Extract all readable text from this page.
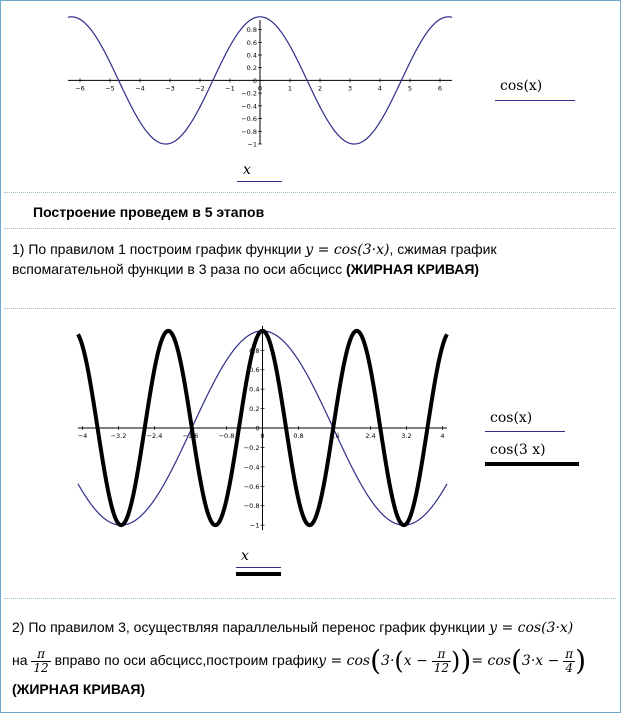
−6	−5	−4	−3	−2	−1	0	1	2	3	4	5	6
0.8
0.6
0.4
0.2
0
−0.2
−0.4
−0.6
−0.8
−1
cos(x)
x
Построение проведем в 5 этапов
1) По правилом 1 построим график функции y = cos(3·x), сжимая график
вспомагательной функции в 3 раза по оси абсцисс (ЖИРНАЯ КРИВАЯ)
−4	−3.2	−2.4	−1.6	−0.8	0	0.8	1.6	2.4	3.2	4
0.8
0.6
0.4
0.2
0
−0.2
−0.4
−0.6
−0.8
−1
cos(x)
cos(3 x)
x
2) По правилом 3, осуществляя параллельный перенос график функции y = cos(3·x)
на $\frac{\pi}{12}$ вправо по оси абсцисс,построим графикy = $\cos(3\cdot(x - \frac{\pi}{12}$ ))= $\cos(3\cdot x - \frac{\pi}{4}$ )
(ЖИРНАЯ КРИВАЯ)
